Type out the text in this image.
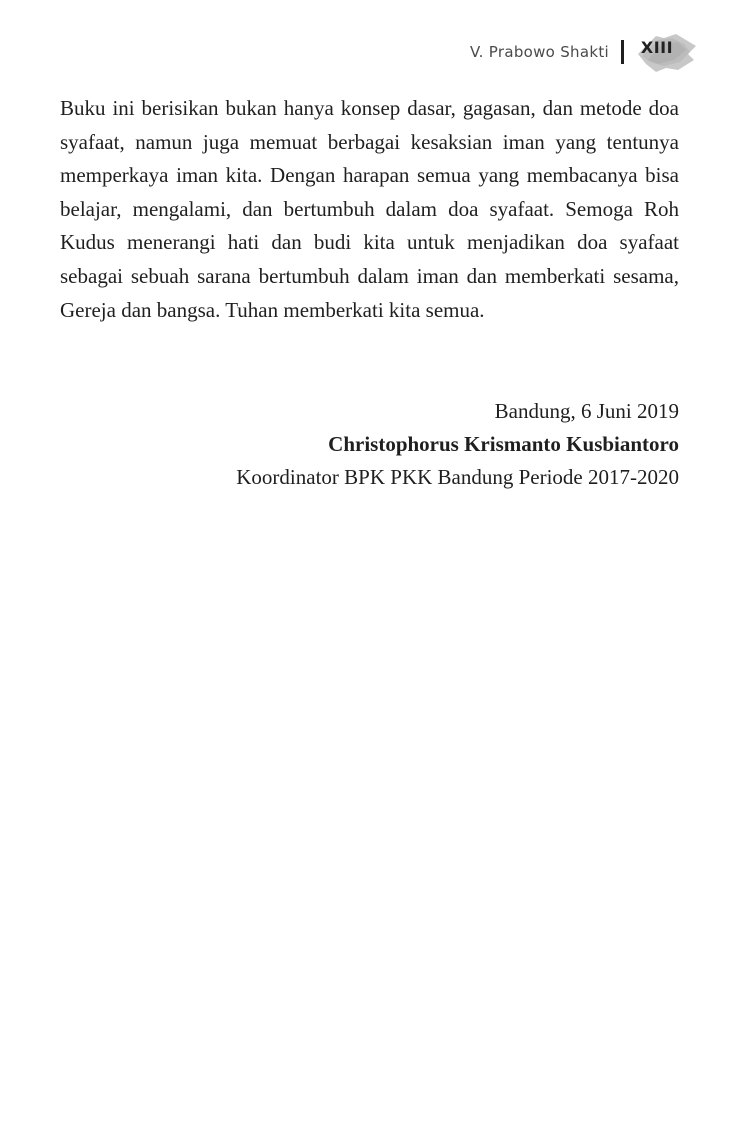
V. Prabowo Shakti	XIII

Buku ini berisikan bukan hanya konsep dasar, gagasan, dan metode doa syafaat, namun juga memuat berbagai kesaksian iman yang tentunya memperkaya iman kita. Dengan harapan semua yang membacanya bisa belajar, mengalami, dan bertumbuh dalam doa syafaat. Semoga Roh Kudus menerangi hati dan budi kita untuk menjadikan doa syafaat sebagai sebuah sarana bertumbuh dalam iman dan memberkati sesama, Gereja dan bangsa. Tuhan memberkati kita semua.

Bandung, 6 Juni 2019
Christophorus Krismanto Kusbiantoro
Koordinator BPK PKK Bandung Periode 2017-2020
